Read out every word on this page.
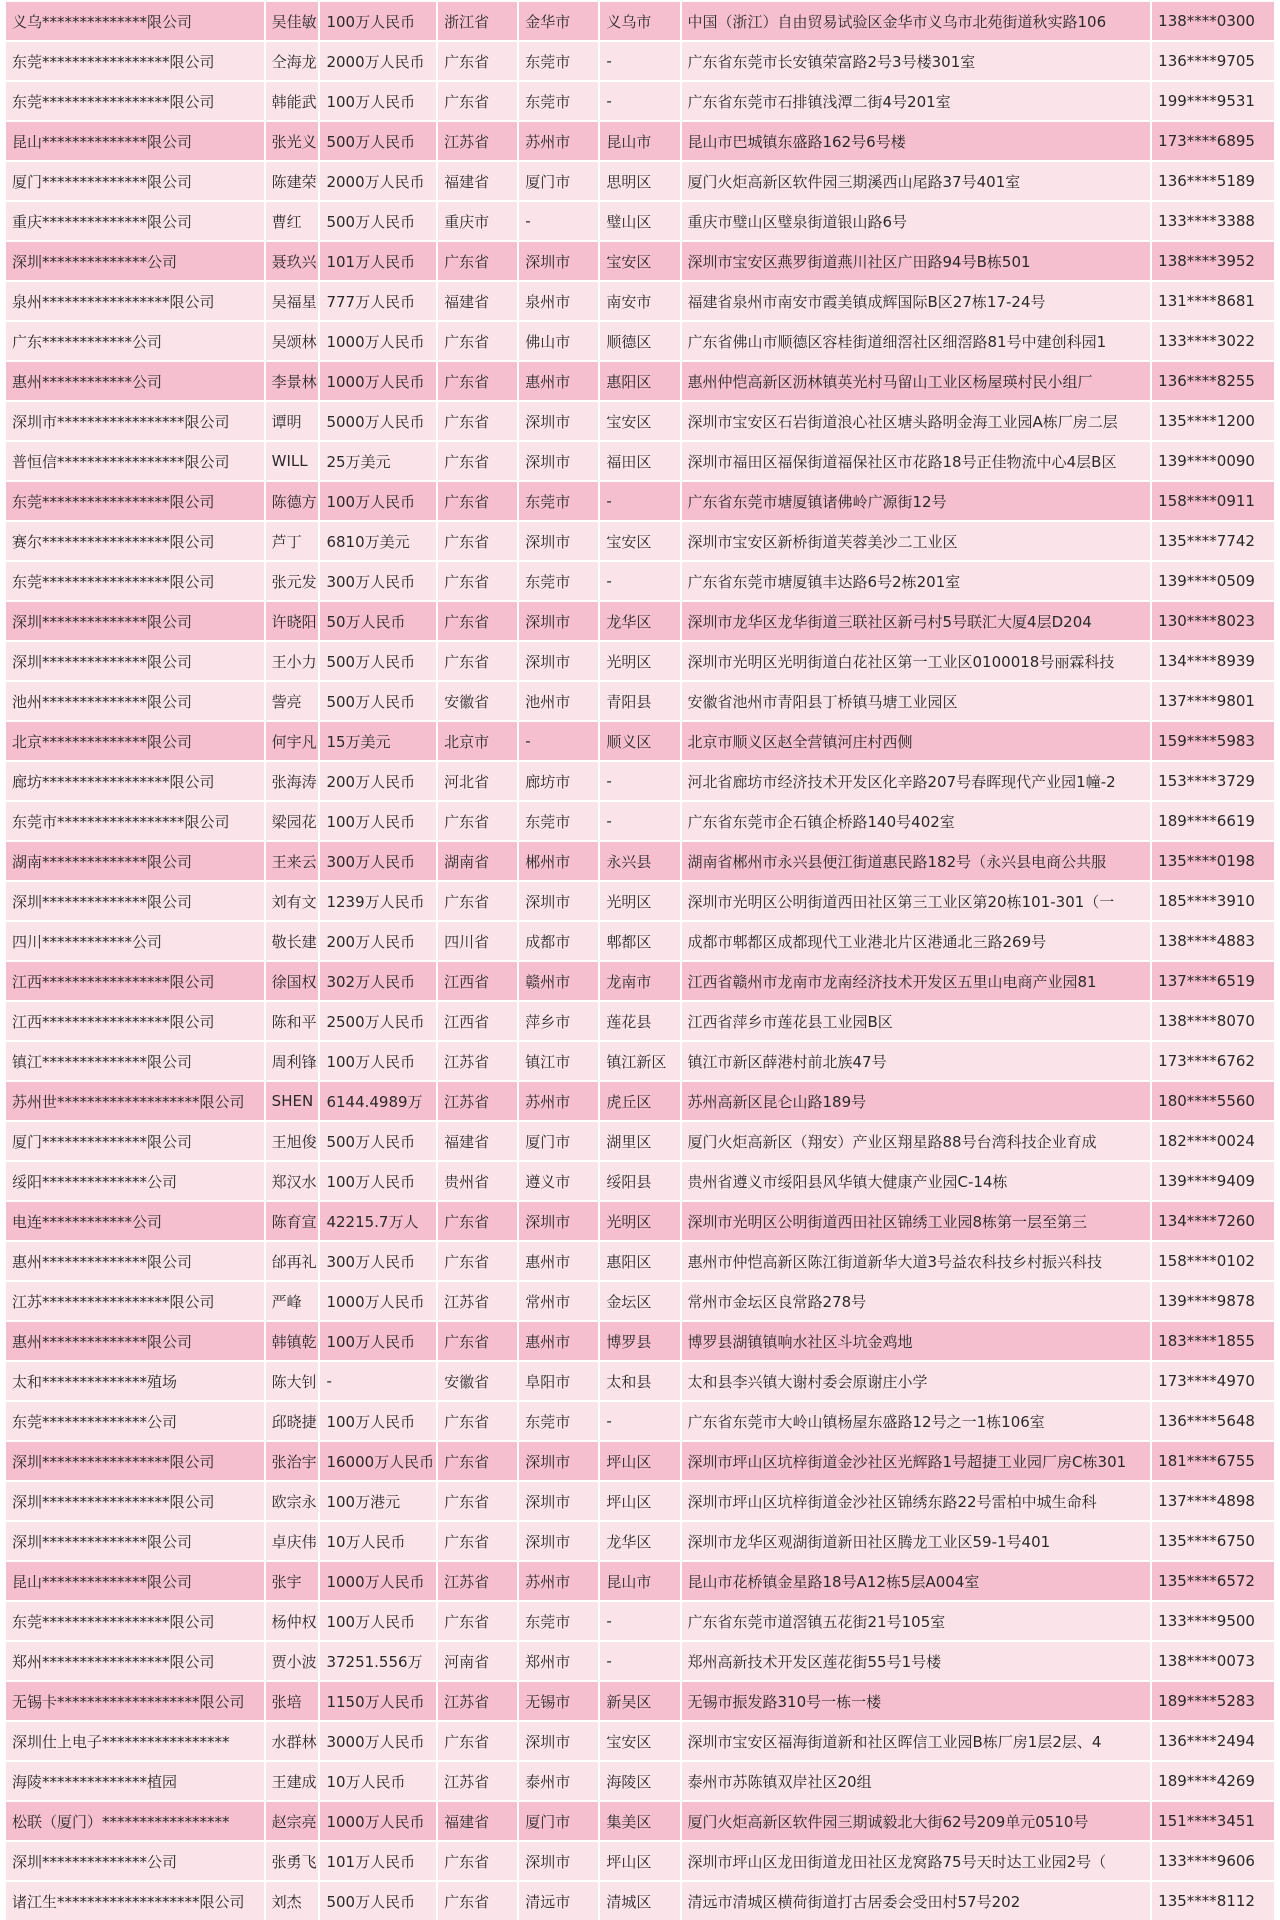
义乌**************限公司	吴佳敏	100万人民币	浙江省	金华市	义乌市	中国（浙江）自由贸易试验区金华市义乌市北苑街道秋实路106	138****0300
东莞*****************限公司	仝海龙	2000万人民币	广东省	东莞市	-	广东省东莞市长安镇荣富路2号3号楼301室	136****9705
东莞*****************限公司	韩能武	100万人民币	广东省	东莞市	-	广东省东莞市石排镇浅潭二街4号201室	199****9531
昆山**************限公司	张光义	500万人民币	江苏省	苏州市	昆山市	昆山市巴城镇东盛路162号6号楼	173****6895
厦门**************限公司	陈建荣	2000万人民币	福建省	厦门市	思明区	厦门火炬高新区软件园三期溪西山尾路37号401室	136****5189
重庆**************限公司	曹红	500万人民币	重庆市	-	璧山区	重庆市璧山区璧泉街道银山路6号	133****3388
深圳**************公司	聂玖兴	101万人民币	广东省	深圳市	宝安区	深圳市宝安区燕罗街道燕川社区广田路94号B栋501	138****3952
泉州*****************限公司	吴福星	777万人民币	福建省	泉州市	南安市	福建省泉州市南安市霞美镇成辉国际B区27栋17-24号	131****8681
广东************公司	吴颂林	1000万人民币	广东省	佛山市	顺德区	广东省佛山市顺德区容桂街道细滘社区细滘路81号中建创科园1	133****3022
惠州************公司	李景林	1000万人民币	广东省	惠州市	惠阳区	惠州仲恺高新区沥林镇英光村马留山工业区杨屋瑛村民小组厂	136****8255
深圳市*****************限公司	谭明	5000万人民币	广东省	深圳市	宝安区	深圳市宝安区石岩街道浪心社区塘头路明金海工业园A栋厂房二层	135****1200
普恒信*****************限公司	WILL	25万美元	广东省	深圳市	福田区	深圳市福田区福保街道福保社区市花路18号正佳物流中心4层B区	139****0090
东莞*****************限公司	陈德方	100万人民币	广东省	东莞市	-	广东省东莞市塘厦镇诸佛岭广源街12号	158****0911
赛尔*****************限公司	芦丁	6810万美元	广东省	深圳市	宝安区	深圳市宝安区新桥街道芙蓉美沙二工业区	135****7742
东莞*****************限公司	张元发	300万人民币	广东省	东莞市	-	广东省东莞市塘厦镇丰达路6号2栋201室	139****0509
深圳**************限公司	许晓阳	50万人民币	广东省	深圳市	龙华区	深圳市龙华区龙华街道三联社区新弓村5号联汇大厦4层D204	130****8023
深圳**************限公司	王小力	500万人民币	广东省	深圳市	光明区	深圳市光明区光明街道白花社区第一工业区0100018号丽霖科技	134****8939
池州**************限公司	訾亮	500万人民币	安徽省	池州市	青阳县	安徽省池州市青阳县丁桥镇马塘工业园区	137****9801
北京**************限公司	何宇凡	15万美元	北京市	-	顺义区	北京市顺义区赵全营镇河庄村西侧	159****5983
廊坊*****************限公司	张海涛	200万人民币	河北省	廊坊市	-	河北省廊坊市经济技术开发区化辛路207号春晖现代产业园1幢-2	153****3729
东莞市*****************限公司	梁园花	100万人民币	广东省	东莞市	-	广东省东莞市企石镇企桥路140号402室	189****6619
湖南**************限公司	王来云	300万人民币	湖南省	郴州市	永兴县	湖南省郴州市永兴县便江街道惠民路182号（永兴县电商公共服	135****0198
深圳**************限公司	刘有文	1239万人民币	广东省	深圳市	光明区	深圳市光明区公明街道西田社区第三工业区第20栋101-301（一	185****3910
四川************公司	敬长建	200万人民币	四川省	成都市	郫都区	成都市郫都区成都现代工业港北片区港通北三路269号	138****4883
江西*****************限公司	徐国权	302万人民币	江西省	赣州市	龙南市	江西省赣州市龙南市龙南经济技术开发区五里山电商产业园81	137****6519
江西*****************限公司	陈和平	2500万人民币	江西省	萍乡市	莲花县	江西省萍乡市莲花县工业园B区	138****8070
镇江**************限公司	周利锋	100万人民币	江苏省	镇江市	镇江新区	镇江市新区薛港村前北族47号	173****6762
苏州世*******************限公司	SHEN	6144.4989万	江苏省	苏州市	虎丘区	苏州高新区昆仑山路189号	180****5560
厦门**************限公司	王旭俊	500万人民币	福建省	厦门市	湖里区	厦门火炬高新区（翔安）产业区翔星路88号台湾科技企业育成	182****0024
绥阳**************公司	郑汉水	100万人民币	贵州省	遵义市	绥阳县	贵州省遵义市绥阳县风华镇大健康产业园C-14栋	139****9409
电连************公司	陈育宣	42215.7万人	广东省	深圳市	光明区	深圳市光明区公明街道西田社区锦绣工业园8栋第一层至第三	134****7260
惠州**************限公司	邰再礼	300万人民币	广东省	惠州市	惠阳区	惠州市仲恺高新区陈江街道新华大道3号益农科技乡村振兴科技	158****0102
江苏*****************限公司	严峰	1000万人民币	江苏省	常州市	金坛区	常州市金坛区良常路278号	139****9878
惠州**************限公司	韩镇乾	100万人民币	广东省	惠州市	博罗县	博罗县湖镇镇响水社区斗坑金鸡地	183****1855
太和**************殖场	陈大钊	-	安徽省	阜阳市	太和县	太和县李兴镇大谢村委会原谢庄小学	173****4970
东莞**************公司	邱晓捷	100万人民币	广东省	东莞市	-	广东省东莞市大岭山镇杨屋东盛路12号之一1栋106室	136****5648
深圳*****************限公司	张治宇	16000万人民币	广东省	深圳市	坪山区	深圳市坪山区坑梓街道金沙社区光辉路1号超捷工业园厂房C栋301	181****6755
深圳*****************限公司	欧宗永	100万港元	广东省	深圳市	坪山区	深圳市坪山区坑梓街道金沙社区锦绣东路22号雷柏中城生命科	137****4898
深圳**************限公司	卓庆伟	10万人民币	广东省	深圳市	龙华区	深圳市龙华区观湖街道新田社区腾龙工业区59-1号401	135****6750
昆山**************限公司	张宇	1000万人民币	江苏省	苏州市	昆山市	昆山市花桥镇金星路18号A12栋5层A004室	135****6572
东莞*****************限公司	杨仲权	100万人民币	广东省	东莞市	-	广东省东莞市道滘镇五花街21号105室	133****9500
郑州*****************限公司	贾小波	37251.556万	河南省	郑州市	-	郑州高新技术开发区莲花街55号1号楼	138****0073
无锡卡*******************限公司	张培	1150万人民币	江苏省	无锡市	新吴区	无锡市振发路310号一栋一楼	189****5283
深圳仕上电子*****************	水群林	3000万人民币	广东省	深圳市	宝安区	深圳市宝安区福海街道新和社区晖信工业园B栋厂房1层2层、4	136****2494
海陵**************植园	王建成	10万人民币	江苏省	泰州市	海陵区	泰州市苏陈镇双岸社区20组	189****4269
松联（厦门）*****************	赵宗亮	1000万人民币	福建省	厦门市	集美区	厦门火炬高新区软件园三期诚毅北大街62号209单元0510号	151****3451
深圳**************公司	张勇飞	101万人民币	广东省	深圳市	坪山区	深圳市坪山区龙田街道龙田社区龙窝路75号天时达工业园2号（	133****9606
诸江生*******************限公司	刘杰	500万人民币	广东省	清远市	清城区	清远市清城区横荷街道打古居委会受田村57号202	135****8112
